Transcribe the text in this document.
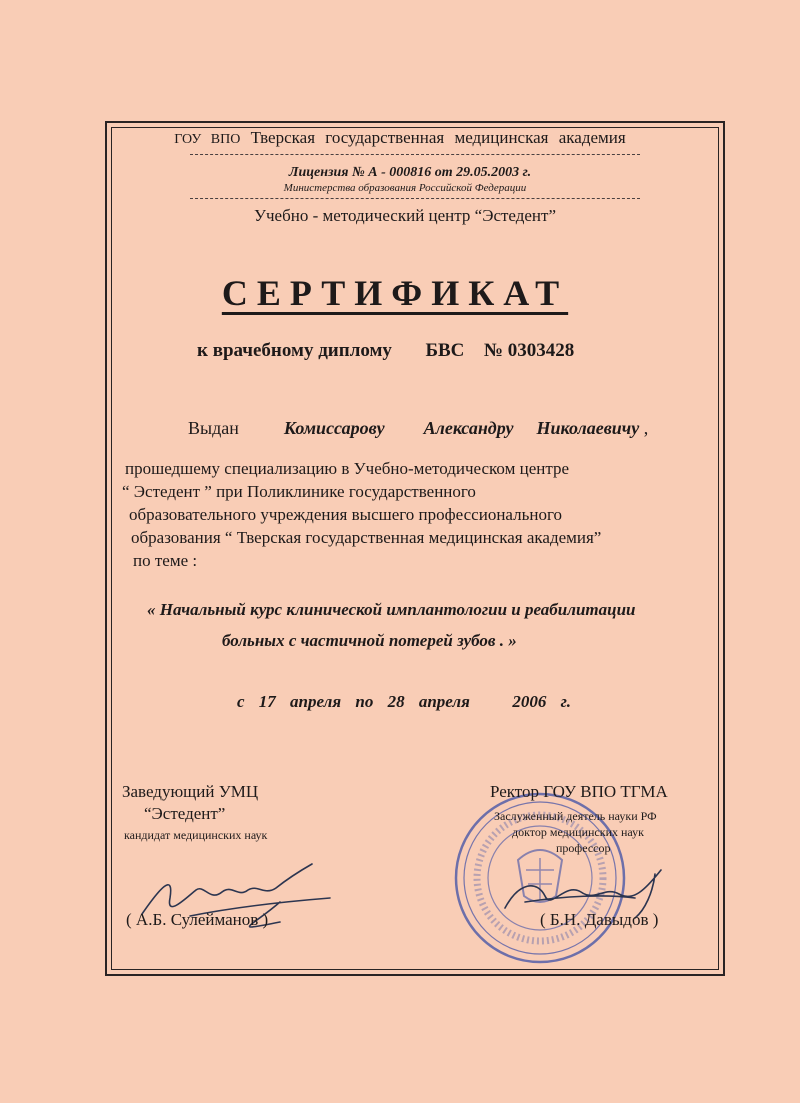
ГОУ ВПО Тверская государственная медицинская академия
Лицензия № А - 000816 от 29.05.2003 г.
Министерства образования Российской Федерации
Учебно - методический центр “Эстедент”
СЕРТИФИКАТ
к врачебному диплому БВС № 0303428
Выдан	Комиссарову Александру Николаевичу ,
прошедшему специализацию в Учебно-методическом центре
“ Эстедент ” при Поликлинике государственного
образовательного учреждения высшего профессионального
образования “ Тверская государственная медицинская академия”
по теме :
« Начальный курс клинической имплантологии и реабилитации
больных с частичной потерей зубов . »
с 17 апреля по 28 апреля	2006 г.
Заведующий УМЦ
“Эстедент”
кандидат медицинских наук
( А.Б. Сулейманов )
Ректор ГОУ ВПО ТГМА
Заслуженный деятель науки РФ
доктор медицинских наук
профессор
( Б.Н. Давыдов )
